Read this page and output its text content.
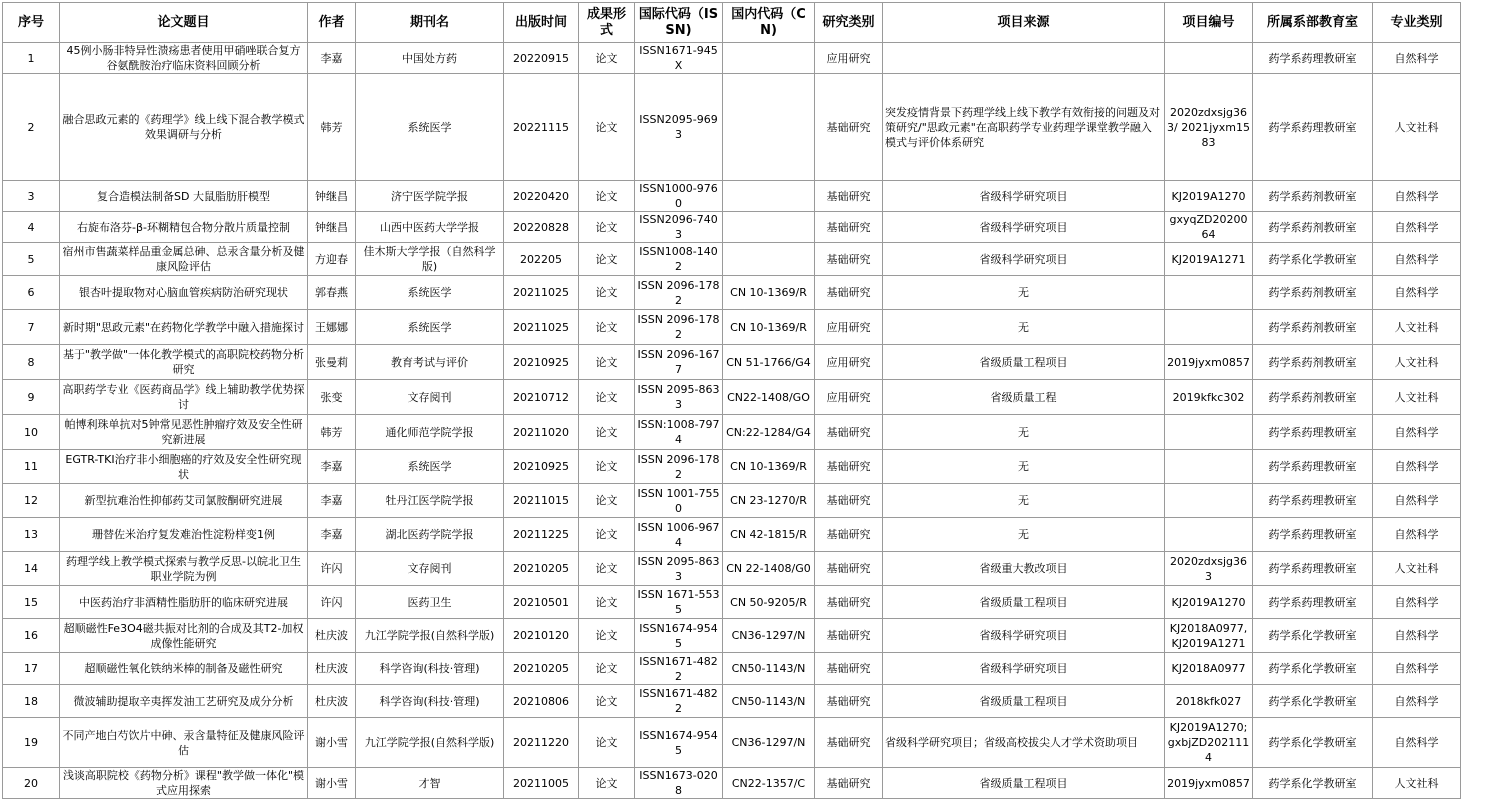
序号	论文题目	作者	期刊名	出版时间	成果形式	国际代码（ISSN)	国内代码（CN)	研究类别	项目来源	项目编号	所属系部教育室	专业类别
1	45例小肠非特异性溃疡患者使用甲硝唑联合复方谷氨酰胺治疗临床资料回顾分析	李嘉	中国处方药	20220915	论文	ISSN1671-945X		应用研究			药学系药理教研室	自然科学
2	融合思政元素的《药理学》线上线下混合教学模式效果调研与分析	韩芳	系统医学	20221115	论文	ISSN2095-9693		基础研究	突发疫情背景下药理学线上线下教学有效衔接的问题及对策研究/"思政元素"在高职药学专业药理学课堂教学融入模式与评价体系研究	2020zdxsjg363/ 2021jyxm1583	药学系药理教研室	人文社科
3	复合造模法制备SD 大鼠脂肪肝模型	钟继昌	济宁医学院学报	20220420	论文	ISSN1000-9760		基础研究	省级科学研究项目	KJ2019A1270	药学系药剂教研室	自然科学
4	右旋布洛芬-β-环糊精包合物分散片质量控制	钟继昌	山西中医药大学学报	20220828	论文	ISSN2096-7403		基础研究	省级科学研究项目	gxyqZD2020064	药学系药剂教研室	自然科学
5	宿州市售蔬菜样品重金属总砷、总汞含量分析及健康风险评估	方迎春	佳木斯大学学报（自然科学版)	202205	论文	ISSN1008-1402		基础研究	省级科学研究项目	KJ2019A1271	药学系化学教研室	自然科学
6	银杏叶提取物对心脑血管疾病防治研究现状	郭春燕	系统医学	20211025	论文	ISSN 2096-1782	CN 10-1369/R	基础研究	无		药学系药剂教研室	自然科学
7	新时期"思政元素"在药物化学教学中融入措施探讨	王娜娜	系统医学	20211025	论文	ISSN 2096-1782	CN 10-1369/R	应用研究	无		药学系药剂教研室	人文社科
8	基于"教学做"一体化教学模式的高职院校药物分析研究	张曼莉	教育考试与评价	20210925	论文	ISSN 2096-1677	CN 51-1766/G4	应用研究	省级质量工程项目	2019jyxm0857	药学系药剂教研室	人文社科
9	高职药学专业《医药商品学》线上辅助教学优势探讨	张变	文存阅刊	20210712	论文	ISSN 2095-8633	CN22-1408/GO	应用研究	省级质量工程	2019kfkc302	药学系药剂教研室	人文社科
10	帕博利珠单抗对5钟常见恶性肿瘤疗效及安全性研究新进展	韩芳	通化师范学院学报	20211020	论文	ISSN:1008-7974	CN:22-1284/G4	基础研究	无		药学系药理教研室	自然科学
11	EGTR-TKI治疗非小细胞癌的疗效及安全性研究现状	李嘉	系统医学	20210925	论文	ISSN 2096-1782	CN 10-1369/R	基础研究	无		药学系药理教研室	自然科学
12	新型抗难治性抑郁药艾司氯胺酮研究进展	李嘉	牡丹江医学院学报	20211015	论文	ISSN 1001-7550	CN 23-1270/R	基础研究	无		药学系药理教研室	自然科学
13	珊替佐米治疗复发难治性淀粉样变1例	李嘉	湖北医药学院学报	20211225	论文	ISSN 1006-9674	CN 42-1815/R	基础研究	无		药学系药理教研室	自然科学
14	药理学线上教学模式探索与教学反思-以皖北卫生职业学院为例	许闪	文存阅刊	20210205	论文	ISSN 2095-8633	CN 22-1408/G0	基础研究	省级重大教改项目	2020zdxsjg363	药学系药理教研室	人文社科
15	中医药治疗非酒精性脂肪肝的临床研究进展	许闪	医药卫生	20210501	论文	ISSN 1671-5535	CN 50-9205/R	基础研究	省级质量工程项目	KJ2019A1270	药学系药理教研室	自然科学
16	超顺磁性Fe3O4磁共振对比剂的合成及其T2-加权成像性能研究	杜庆波	九江学院学报(自然科学版)	20210120	论文	ISSN1674-9545	CN36-1297/N	基础研究	省级科学研究项目	KJ2018A0977, KJ2019A1271	药学系化学教研室	自然科学
17	超顺磁性氧化铁纳米棒的制备及磁性研究	杜庆波	科学咨询(科技·管理)	20210205	论文	ISSN1671-4822	CN50-1143/N	基础研究	省级科学研究项目	KJ2018A0977	药学系化学教研室	自然科学
18	微波辅助提取辛夷挥发油工艺研究及成分分析	杜庆波	科学咨询(科技·管理)	20210806	论文	ISSN1671-4822	CN50-1143/N	基础研究	省级质量工程项目	2018kfk027	药学系化学教研室	自然科学
19	不同产地白芍饮片中砷、汞含量特征及健康风险评估	谢小雪	九江学院学报(自然科学版)	20211220	论文	ISSN1674-9545	CN36-1297/N	基础研究	省级科学研究项目；省级高校拔尖人才学术资助项目	KJ2019A1270; gxbjZD2021114	药学系化学教研室	自然科学
20	浅谈高职院校《药物分析》课程"教学做一体化"模式应用探索	谢小雪	才智	20211005	论文	ISSN1673-0208	CN22-1357/C	基础研究	省级质量工程项目	2019jyxm0857	药学系化学教研室	人文社科
